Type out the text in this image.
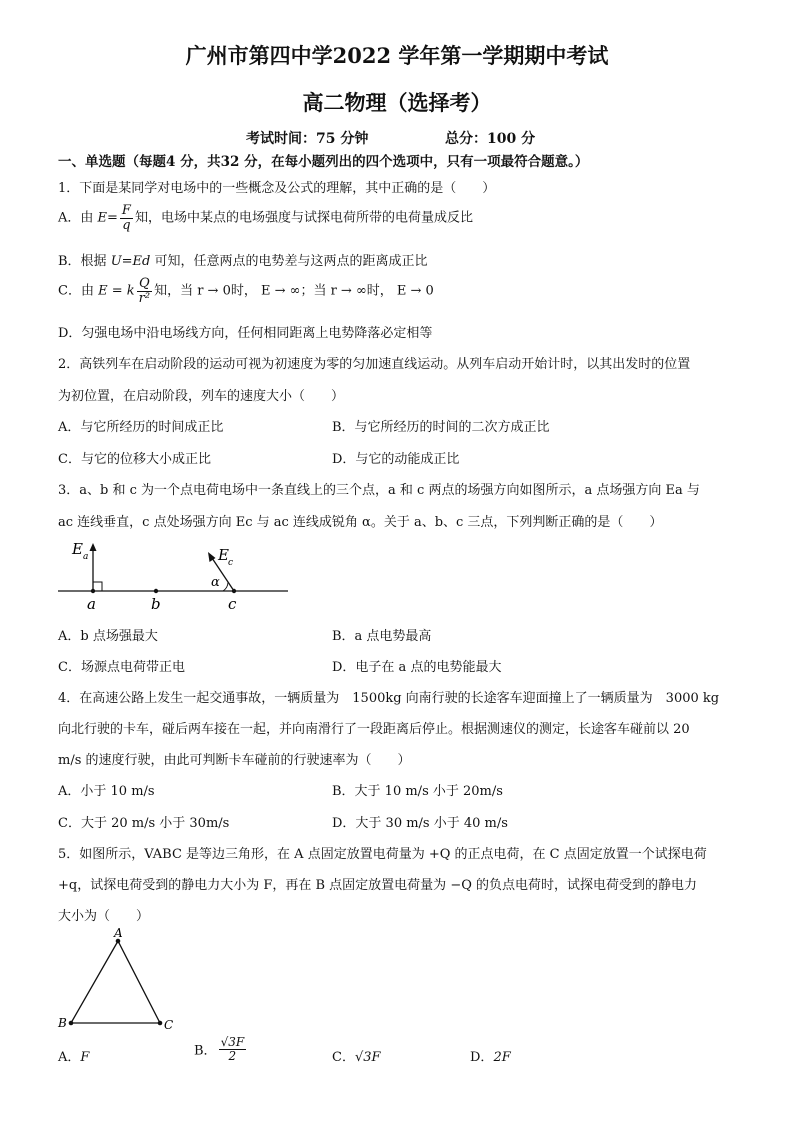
广州市第四中学2022 学年第一学期期中考试
高二物理（选择考）
考试时间：75 分钟	总分：100 分
一、单选题（每题4 分，共32 分，在每小题列出的四个选项中，只有一项最符合题意。）
1．下面是某同学对电场中的一些概念及公式的理解，其中正确的是（　　）
A．由 $E= \frac{F}{q}$ 知，电场中某点的电场强度与试探电荷所带的电荷量成反比
B．根据 U=Ed 可知，任意两点的电势差与这两点的距离成正比
C．由 E = k $\frac{Q}{\text{r²}}$ 知，当 r → 0时， E → ∞；当 r → ∞时， E → 0
D．匀强电场中沿电场线方向，任何相同距离上电势降落必定相等
2．高铁列车在启动阶段的运动可视为初速度为零的匀加速直线运动。从列车启动开始计时，以其出发时的位置
为初位置，在启动阶段，列车的速度大小（　　）
A．与它所经历的时间成正比	B．与它所经历的时间的二次方成正比
C．与它的位移大小成正比	D．与它的动能成正比
3．a、b 和 c 为一个点电荷电场中一条直线上的三个点，a 和 c 两点的场强方向如图所示，a 点场强方向 Ea 与
ac 连线垂直，c 点处场强方向 Ec 与 ac 连线成锐角 α。关于 a、b、c 三点，下列判断正确的是（　　）
E a	E c
α
a	b	c
A．b 点场强最大	B．a 点电势最高
C．场源点电荷带正电	D．电子在 a 点的电势能最大
4．在高速公路上发生一起交通事故，一辆质量为　1500kg 向南行驶的长途客车迎面撞上了一辆质量为　3000 kg
向北行驶的卡车，碰后两车接在一起，并向南滑行了一段距离后停止。根据测速仪的测定，长途客车碰前以 20
m/s 的速度行驶，由此可判断卡车碰前的行驶速率为（　　）
A．小于 10 m/s	B．大于 10 m/s 小于 20m/s
C．大于 20 m/s 小于 30m/s	D．大于 30 m/s 小于 40 m/s
5．如图所示，VABC 是等边三角形，在 A 点固定放置电荷量为 +Q 的正点电荷，在 C 点固定放置一个试探电荷
+q，试探电荷受到的静电力大小为 F，再在 B 点固定放置电荷量为 −Q 的负点电荷时，试探电荷受到的静电力
大小为（　　）
A
B	C
A．F	B． $\frac{√3F}{2}$	C．√3F	D．2F
